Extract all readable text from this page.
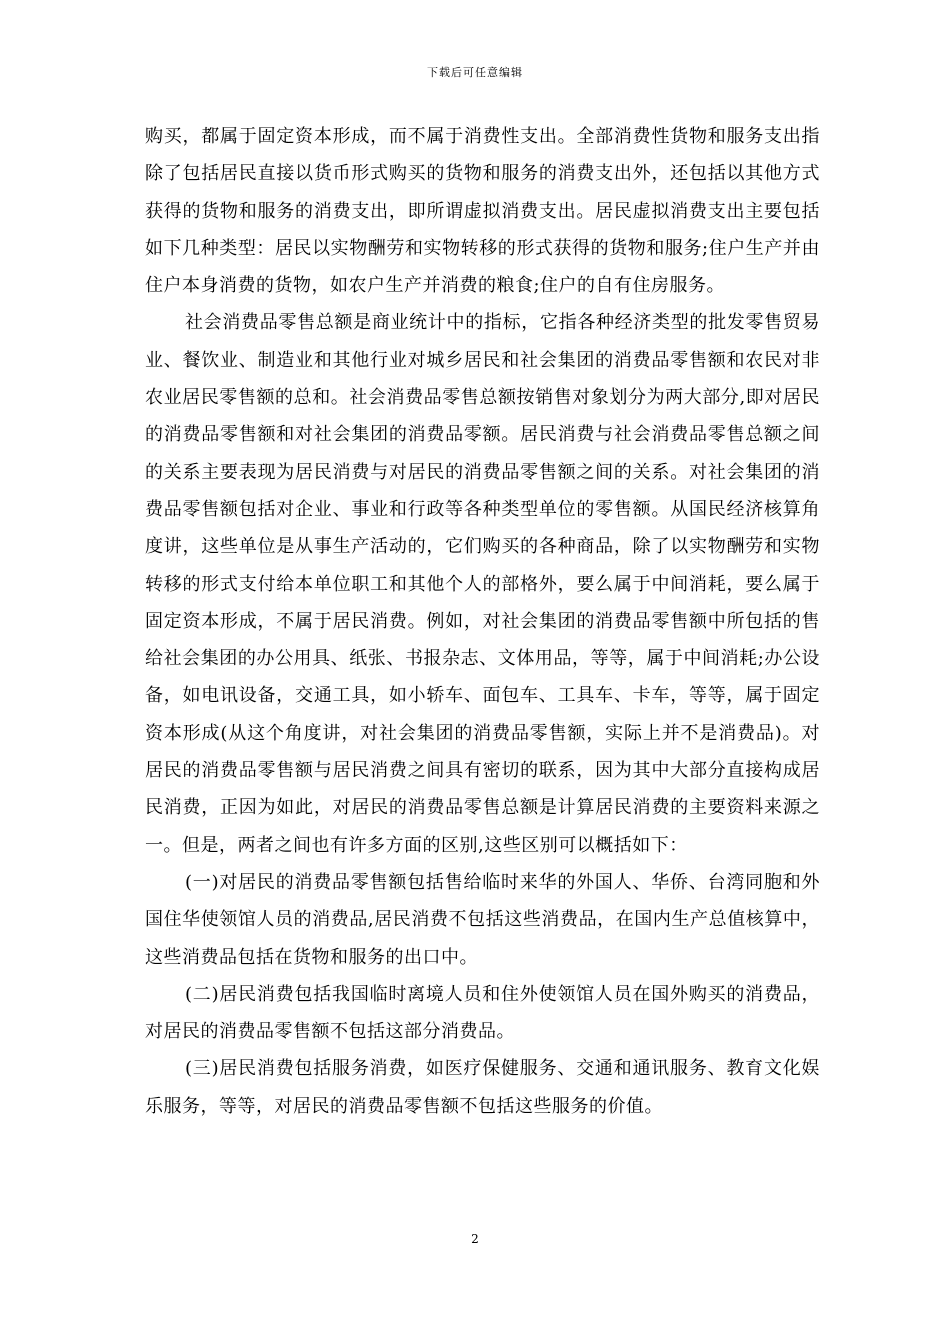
下载后可任意编辑

购买，都属于固定资本形成，而不属于消费性支出。全部消费性货物和服务支出指除了包括居民直接以货币形式购买的货物和服务的消费支出外，还包括以其他方式获得的货物和服务的消费支出，即所谓虚拟消费支出。居民虚拟消费支出主要包括如下几种类型：居民以实物酬劳和实物转移的形式获得的货物和服务;住户生产并由住户本身消费的货物，如农户生产并消费的粮食;住户的自有住房服务。

社会消费品零售总额是商业统计中的指标，它指各种经济类型的批发零售贸易业、餐饮业、制造业和其他行业对城乡居民和社会集团的消费品零售额和农民对非农业居民零售额的总和。社会消费品零售总额按销售对象划分为两大部分,即对居民的消费品零售额和对社会集团的消费品零额。居民消费与社会消费品零售总额之间的关系主要表现为居民消费与对居民的消费品零售额之间的关系。对社会集团的消费品零售额包括对企业、事业和行政等各种类型单位的零售额。从国民经济核算角度讲，这些单位是从事生产活动的，它们购买的各种商品，除了以实物酬劳和实物转移的形式支付给本单位职工和其他个人的部格外，要么属于中间消耗，要么属于固定资本形成，不属于居民消费。例如，对社会集团的消费品零售额中所包括的售给社会集团的办公用具、纸张、书报杂志、文体用品，等等，属于中间消耗;办公设备，如电讯设备，交通工具，如小轿车、面包车、工具车、卡车，等等，属于固定资本形成(从这个角度讲，对社会集团的消费品零售额，实际上并不是消费品)。对居民的消费品零售额与居民消费之间具有密切的联系，因为其中大部分直接构成居民消费，正因为如此，对居民的消费品零售总额是计算居民消费的主要资料来源之一。但是，两者之间也有许多方面的区别,这些区别可以概括如下：

(一)对居民的消费品零售额包括售给临时来华的外国人、华侨、台湾同胞和外国住华使领馆人员的消费品,居民消费不包括这些消费品，在国内生产总值核算中，这些消费品包括在货物和服务的出口中。

(二)居民消费包括我国临时离境人员和住外使领馆人员在国外购买的消费品，对居民的消费品零售额不包括这部分消费品。

(三)居民消费包括服务消费，如医疗保健服务、交通和通讯服务、教育文化娱乐服务，等等，对居民的消费品零售额不包括这些服务的价值。

2
